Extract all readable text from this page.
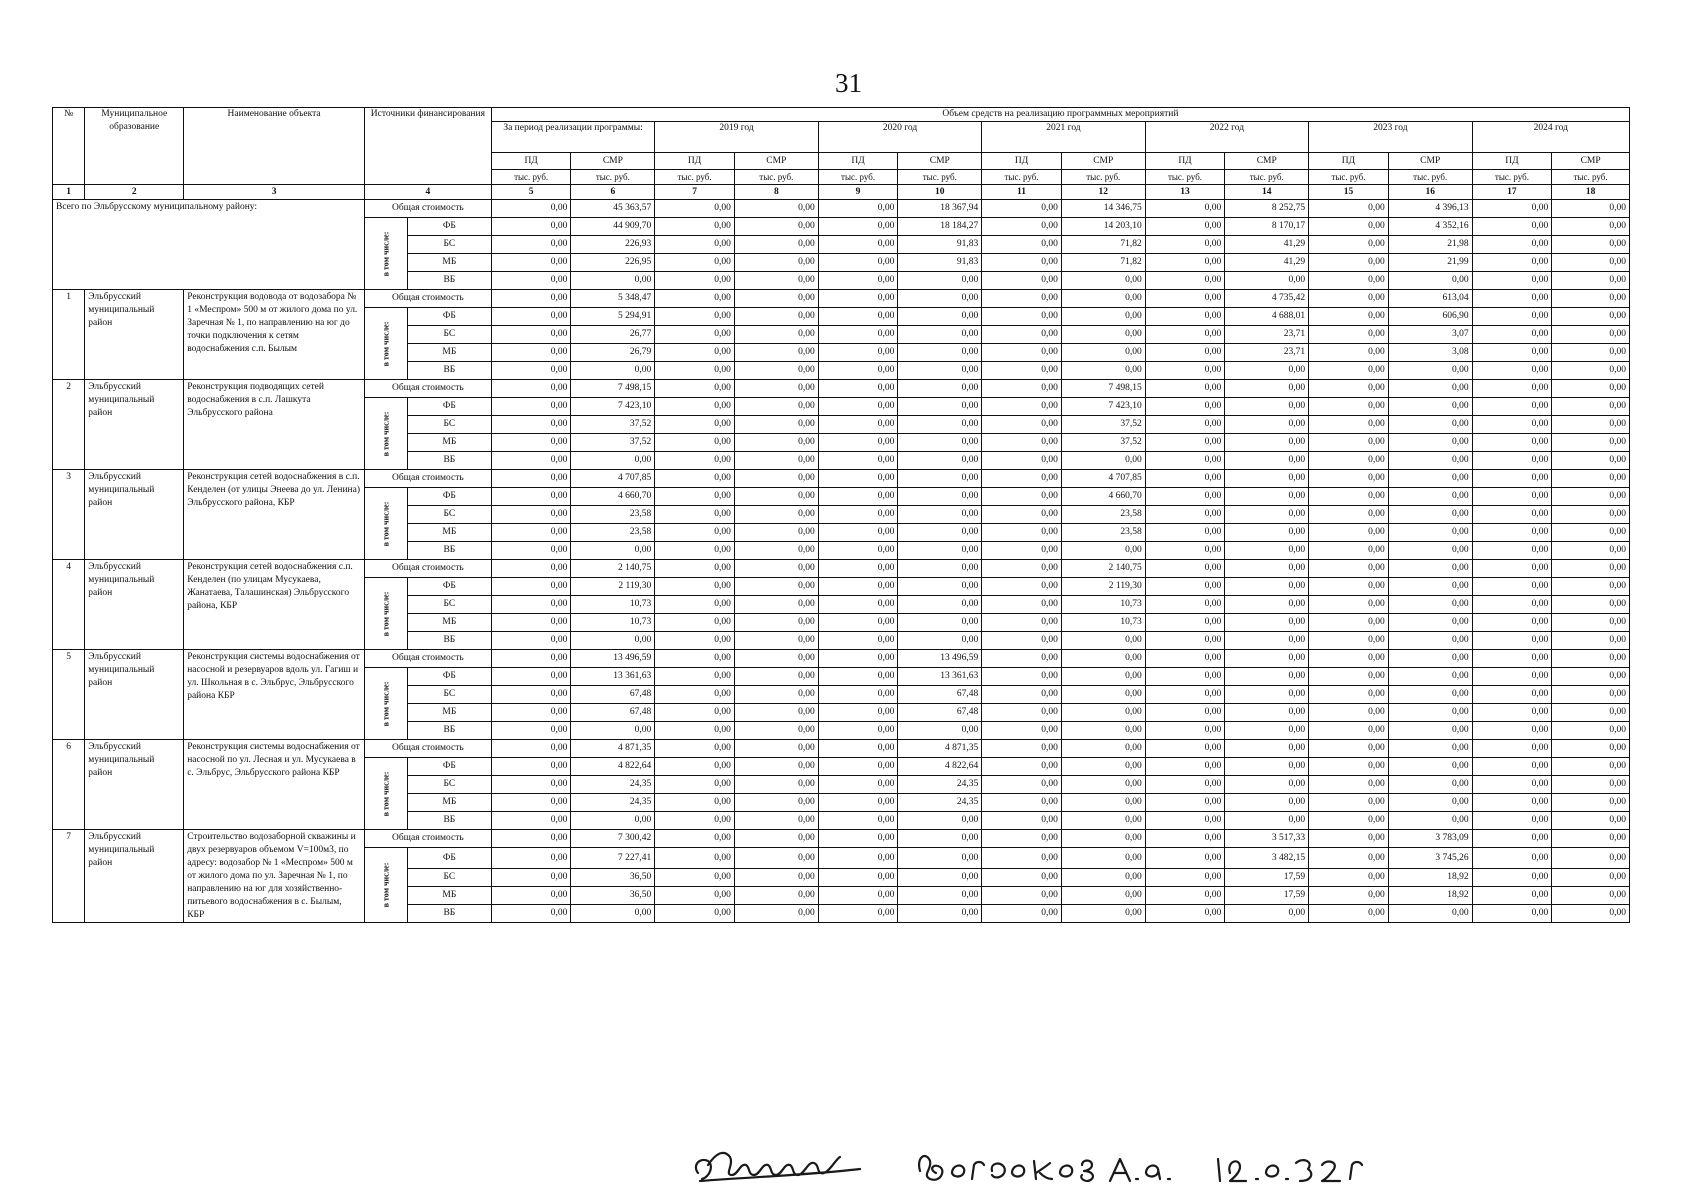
31
№	Муниципальное образование	Наименование объекта	Источники финансирования		Объем средств на реализацию программных мероприятий													
					За период реализации программы:		2019 год		2020 год		2021 год		2022 год		2023 год		2024 год	
					ПД	СМР	ПД	СМР	ПД	СМР	ПД	СМР	ПД	СМР	ПД	СМР	ПД	СМР
					тыс. руб.	тыс. руб.	тыс. руб.	тыс. руб.	тыс. руб.	тыс. руб.	тыс. руб.	тыс. руб.	тыс. руб.	тыс. руб.	тыс. руб.	тыс. руб.	тыс. руб.	тыс. руб.
1	2	3	4		5	6	7	8	9	10	11	12	13	14	15	16	17	18
Всего по Эльбрусскому муниципальному району:			Общая стоимость		0,00	45 363,57	0,00	0,00	0,00	18 367,94	0,00	14 346,75	0,00	8 252,75	0,00	4 396,13	0,00	0,00

			в том числе:	ФБ	0,00	44 909,70	0,00	0,00	0,00	18 184,27	0,00	14 203,10	0,00	8 170,17	0,00	4 352,16	0,00	0,00
				БС	0,00	226,93	0,00	0,00	0,00	91,83	0,00	71,82	0,00	41,29	0,00	21,98	0,00	0,00
				МБ	0,00	226,95	0,00	0,00	0,00	91,83	0,00	71,82	0,00	41,29	0,00	21,99	0,00	0,00
				ВБ	0,00	0,00	0,00	0,00	0,00	0,00	0,00	0,00	0,00	0,00	0,00	0,00	0,00	0,00
1	Эльбрусский муниципальный район	Реконструкция водовода от водозабора № 1 «Меспром» 500 м от жилого дома по ул. Заречная № 1, по направлению на юг до точки подключения к сетям водоснабжения с.п. Былым	Общая стоимость		0,00	5 348,47	0,00	0,00	0,00	0,00	0,00	0,00	0,00	4 735,42	0,00	613,04	0,00	0,00

			в том числе:	ФБ	0,00	5 294,91	0,00	0,00	0,00	0,00	0,00	0,00	0,00	4 688,01	0,00	606,90	0,00	0,00
				БС	0,00	26,77	0,00	0,00	0,00	0,00	0,00	0,00	0,00	23,71	0,00	3,07	0,00	0,00
				МБ	0,00	26,79	0,00	0,00	0,00	0,00	0,00	0,00	0,00	23,71	0,00	3,08	0,00	0,00
				ВБ	0,00	0,00	0,00	0,00	0,00	0,00	0,00	0,00	0,00	0,00	0,00	0,00	0,00	0,00
2	Эльбрусский муниципальный район	Реконструкция подводящих сетей водоснабжения в с.п. Лашкута Эльбрусского района	Общая стоимость		0,00	7 498,15	0,00	0,00	0,00	0,00	0,00	7 498,15	0,00	0,00	0,00	0,00	0,00	0,00

			в том числе:	ФБ	0,00	7 423,10	0,00	0,00	0,00	0,00	0,00	7 423,10	0,00	0,00	0,00	0,00	0,00	0,00
				БС	0,00	37,52	0,00	0,00	0,00	0,00	0,00	37,52	0,00	0,00	0,00	0,00	0,00	0,00
				МБ	0,00	37,52	0,00	0,00	0,00	0,00	0,00	37,52	0,00	0,00	0,00	0,00	0,00	0,00
				ВБ	0,00	0,00	0,00	0,00	0,00	0,00	0,00	0,00	0,00	0,00	0,00	0,00	0,00	0,00
3	Эльбрусский муниципальный район	Реконструкция сетей водоснабжения в с.п. Кенделен (от улицы Энеева до ул. Ленина) Эльбрусского района, КБР	Общая стоимость		0,00	4 707,85	0,00	0,00	0,00	0,00	0,00	4 707,85	0,00	0,00	0,00	0,00	0,00	0,00

			в том числе:	ФБ	0,00	4 660,70	0,00	0,00	0,00	0,00	0,00	4 660,70	0,00	0,00	0,00	0,00	0,00	0,00
				БС	0,00	23,58	0,00	0,00	0,00	0,00	0,00	23,58	0,00	0,00	0,00	0,00	0,00	0,00
				МБ	0,00	23,58	0,00	0,00	0,00	0,00	0,00	23,58	0,00	0,00	0,00	0,00	0,00	0,00
				ВБ	0,00	0,00	0,00	0,00	0,00	0,00	0,00	0,00	0,00	0,00	0,00	0,00	0,00	0,00
4	Эльбрусский муниципальный район	Реконструкция сетей водоснабжения с.п. Кенделен (по улицам Мусукаева, Жанатаева, Талашинская) Эльбрусского района, КБР	Общая стоимость		0,00	2 140,75	0,00	0,00	0,00	0,00	0,00	2 140,75	0,00	0,00	0,00	0,00	0,00	0,00

			в том числе:	ФБ	0,00	2 119,30	0,00	0,00	0,00	0,00	0,00	2 119,30	0,00	0,00	0,00	0,00	0,00	0,00
				БС	0,00	10,73	0,00	0,00	0,00	0,00	0,00	10,73	0,00	0,00	0,00	0,00	0,00	0,00
				МБ	0,00	10,73	0,00	0,00	0,00	0,00	0,00	10,73	0,00	0,00	0,00	0,00	0,00	0,00
				ВБ	0,00	0,00	0,00	0,00	0,00	0,00	0,00	0,00	0,00	0,00	0,00	0,00	0,00	0,00
5	Эльбрусский муниципальный район	Реконструкция системы водоснабжения от насосной и резервуаров вдоль ул. Гагиш и ул. Школьная в с. Эльбрус, Эльбрусского района КБР	Общая стоимость		0,00	13 496,59	0,00	0,00	0,00	13 496,59	0,00	0,00	0,00	0,00	0,00	0,00	0,00	0,00

			в том числе:	ФБ	0,00	13 361,63	0,00	0,00	0,00	13 361,63	0,00	0,00	0,00	0,00	0,00	0,00	0,00	0,00
				БС	0,00	67,48	0,00	0,00	0,00	67,48	0,00	0,00	0,00	0,00	0,00	0,00	0,00	0,00
				МБ	0,00	67,48	0,00	0,00	0,00	67,48	0,00	0,00	0,00	0,00	0,00	0,00	0,00	0,00
				ВБ	0,00	0,00	0,00	0,00	0,00	0,00	0,00	0,00	0,00	0,00	0,00	0,00	0,00	0,00
6	Эльбрусский муниципальный район	Реконструкция системы водоснабжения от насосной по ул. Лесная и ул. Мусукаева в с. Эльбрус, Эльбрусского района КБР	Общая стоимость		0,00	4 871,35	0,00	0,00	0,00	4 871,35	0,00	0,00	0,00	0,00	0,00	0,00	0,00	0,00

			в том числе:	ФБ	0,00	4 822,64	0,00	0,00	0,00	4 822,64	0,00	0,00	0,00	0,00	0,00	0,00	0,00	0,00
				БС	0,00	24,35	0,00	0,00	0,00	24,35	0,00	0,00	0,00	0,00	0,00	0,00	0,00	0,00
				МБ	0,00	24,35	0,00	0,00	0,00	24,35	0,00	0,00	0,00	0,00	0,00	0,00	0,00	0,00
				ВБ	0,00	0,00	0,00	0,00	0,00	0,00	0,00	0,00	0,00	0,00	0,00	0,00	0,00	0,00
7	Эльбрусский муниципальный район	Строительство водозаборной скважины и двух резервуаров объемом V=100м3, по адресу: водозабор № 1 «Меспром» 500 м от жилого дома по ул. Заречная № 1, по направлению на юг для хозяйственно-питьевого водоснабжения в с. Былым, КБР	Общая стоимость		0,00	7 300,42	0,00	0,00	0,00	0,00	0,00	0,00	0,00	3 517,33	0,00	3 783,09	0,00	0,00

			в том числе:	ФБ	0,00	7 227,41	0,00	0,00	0,00	0,00	0,00	0,00	0,00	3 482,15	0,00	3 745,26	0,00	0,00
				БС	0,00	36,50	0,00	0,00	0,00	0,00	0,00	0,00	0,00	17,59	0,00	18,92	0,00	0,00
				МБ	0,00	36,50	0,00	0,00	0,00	0,00	0,00	0,00	0,00	17,59	0,00	18,92	0,00	0,00
				ВБ	0,00	0,00	0,00	0,00	0,00	0,00	0,00	0,00	0,00	0,00	0,00	0,00	0,00	0,00
